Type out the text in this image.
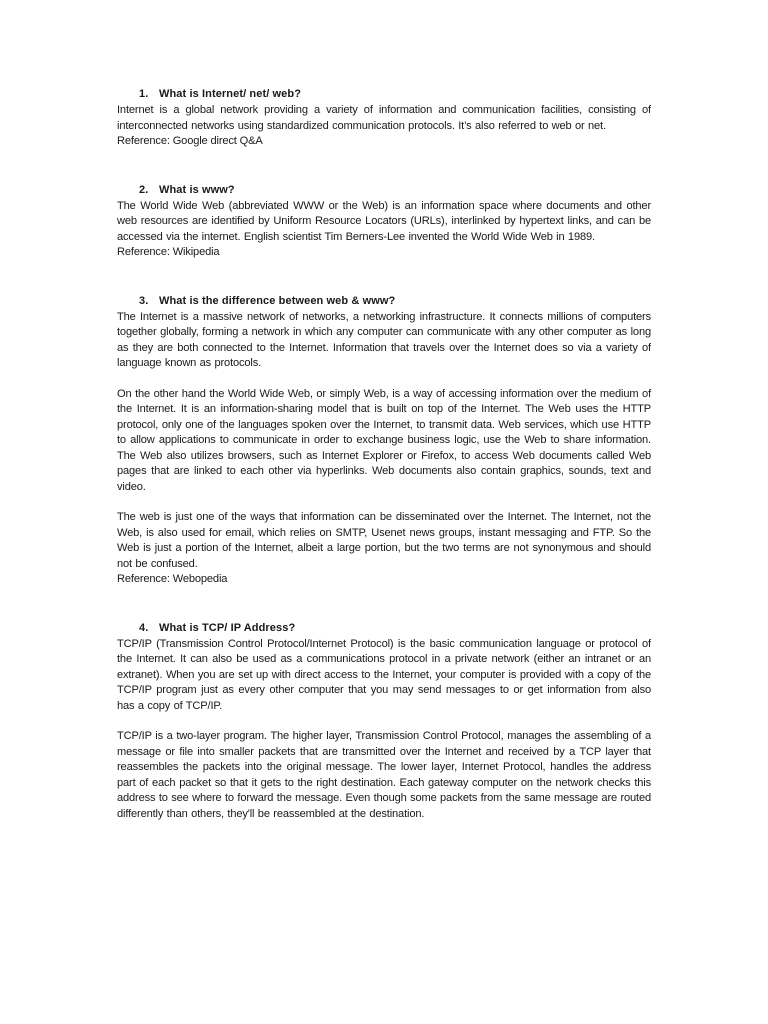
1. What is Internet/ net/ web?

Internet is a global network providing a variety of information and communication facilities, consisting of interconnected networks using standardized communication protocols. It’s also referred to web or net.

Reference: Google direct Q&A

2. What is www?

The World Wide Web (abbreviated WWW or the Web) is an information space where documents and other web resources are identified by Uniform Resource Locators (URLs), interlinked by hypertext links, and can be accessed via the internet. English scientist Tim Berners-Lee invented the World Wide Web in 1989.

Reference: Wikipedia

3. What is the difference between web & www?

The Internet is a massive network of networks, a networking infrastructure. It connects millions of computers together globally, forming a network in which any computer can communicate with any other computer as long as they are both connected to the Internet. Information that travels over the Internet does so via a variety of language known as protocols.

On the other hand the World Wide Web, or simply Web, is a way of accessing information over the medium of the Internet. It is an information-sharing model that is built on top of the Internet. The Web uses the HTTP protocol, only one of the languages spoken over the Internet, to transmit data. Web services, which use HTTP to allow applications to communicate in order to exchange business logic, use the Web to share information. The Web also utilizes browsers, such as Internet Explorer or Firefox, to access Web documents called Web pages that are linked to each other via hyperlinks. Web documents also contain graphics, sounds, text and video.

The web is just one of the ways that information can be disseminated over the Internet. The Internet, not the Web, is also used for email, which relies on SMTP, Usenet news groups, instant messaging and FTP. So the Web is just a portion of the Internet, albeit a large portion, but the two terms are not synonymous and should not be confused.

Reference: Webopedia

4. What is TCP/ IP Address?

TCP/IP (Transmission Control Protocol/Internet Protocol) is the basic communication language or protocol of the Internet. It can also be used as a communications protocol in a private network (either an intranet or an extranet). When you are set up with direct access to the Internet, your computer is provided with a copy of the TCP/IP program just as every other computer that you may send messages to or get information from also has a copy of TCP/IP.

TCP/IP is a two-layer program. The higher layer, Transmission Control Protocol, manages the assembling of a message or file into smaller packets that are transmitted over the Internet and received by a TCP layer that reassembles the packets into the original message. The lower layer, Internet Protocol, handles the address part of each packet so that it gets to the right destination. Each gateway computer on the network checks this address to see where to forward the message. Even though some packets from the same message are routed differently than others, they'll be reassembled at the destination.
